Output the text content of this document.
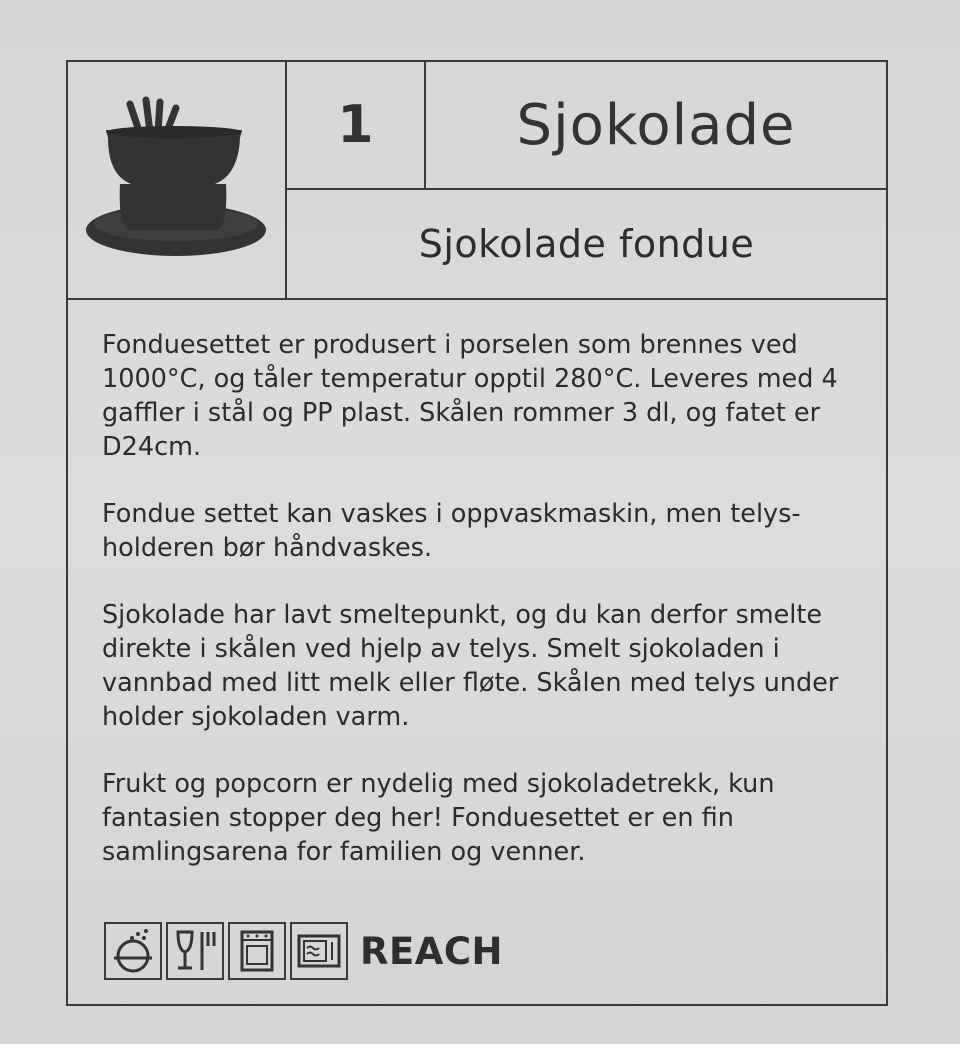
1	Sjokolade
Sjokolade fondue

Fonduesettet er produsert i porselen som brennes ved 1000°C, og tåler temperatur opptil 280°C. Leveres med 4 gaffler i stål og PP plast. Skålen rommer 3 dl, og fatet er D24cm.

Fondue settet kan vaskes i oppvaskmaskin, men telys-holderen bør håndvaskes.

Sjokolade har lavt smeltepunkt, og du kan derfor smelte direkte i skålen ved hjelp av telys. Smelt sjokoladen i vannbad med litt melk eller fløte. Skålen med telys under holder sjokoladen varm.

Frukt og popcorn er nydelig med sjokoladetrekk, kun fantasien stopper deg her! Fonduesettet er en fin samlingsarena for familien og venner.

REACH
